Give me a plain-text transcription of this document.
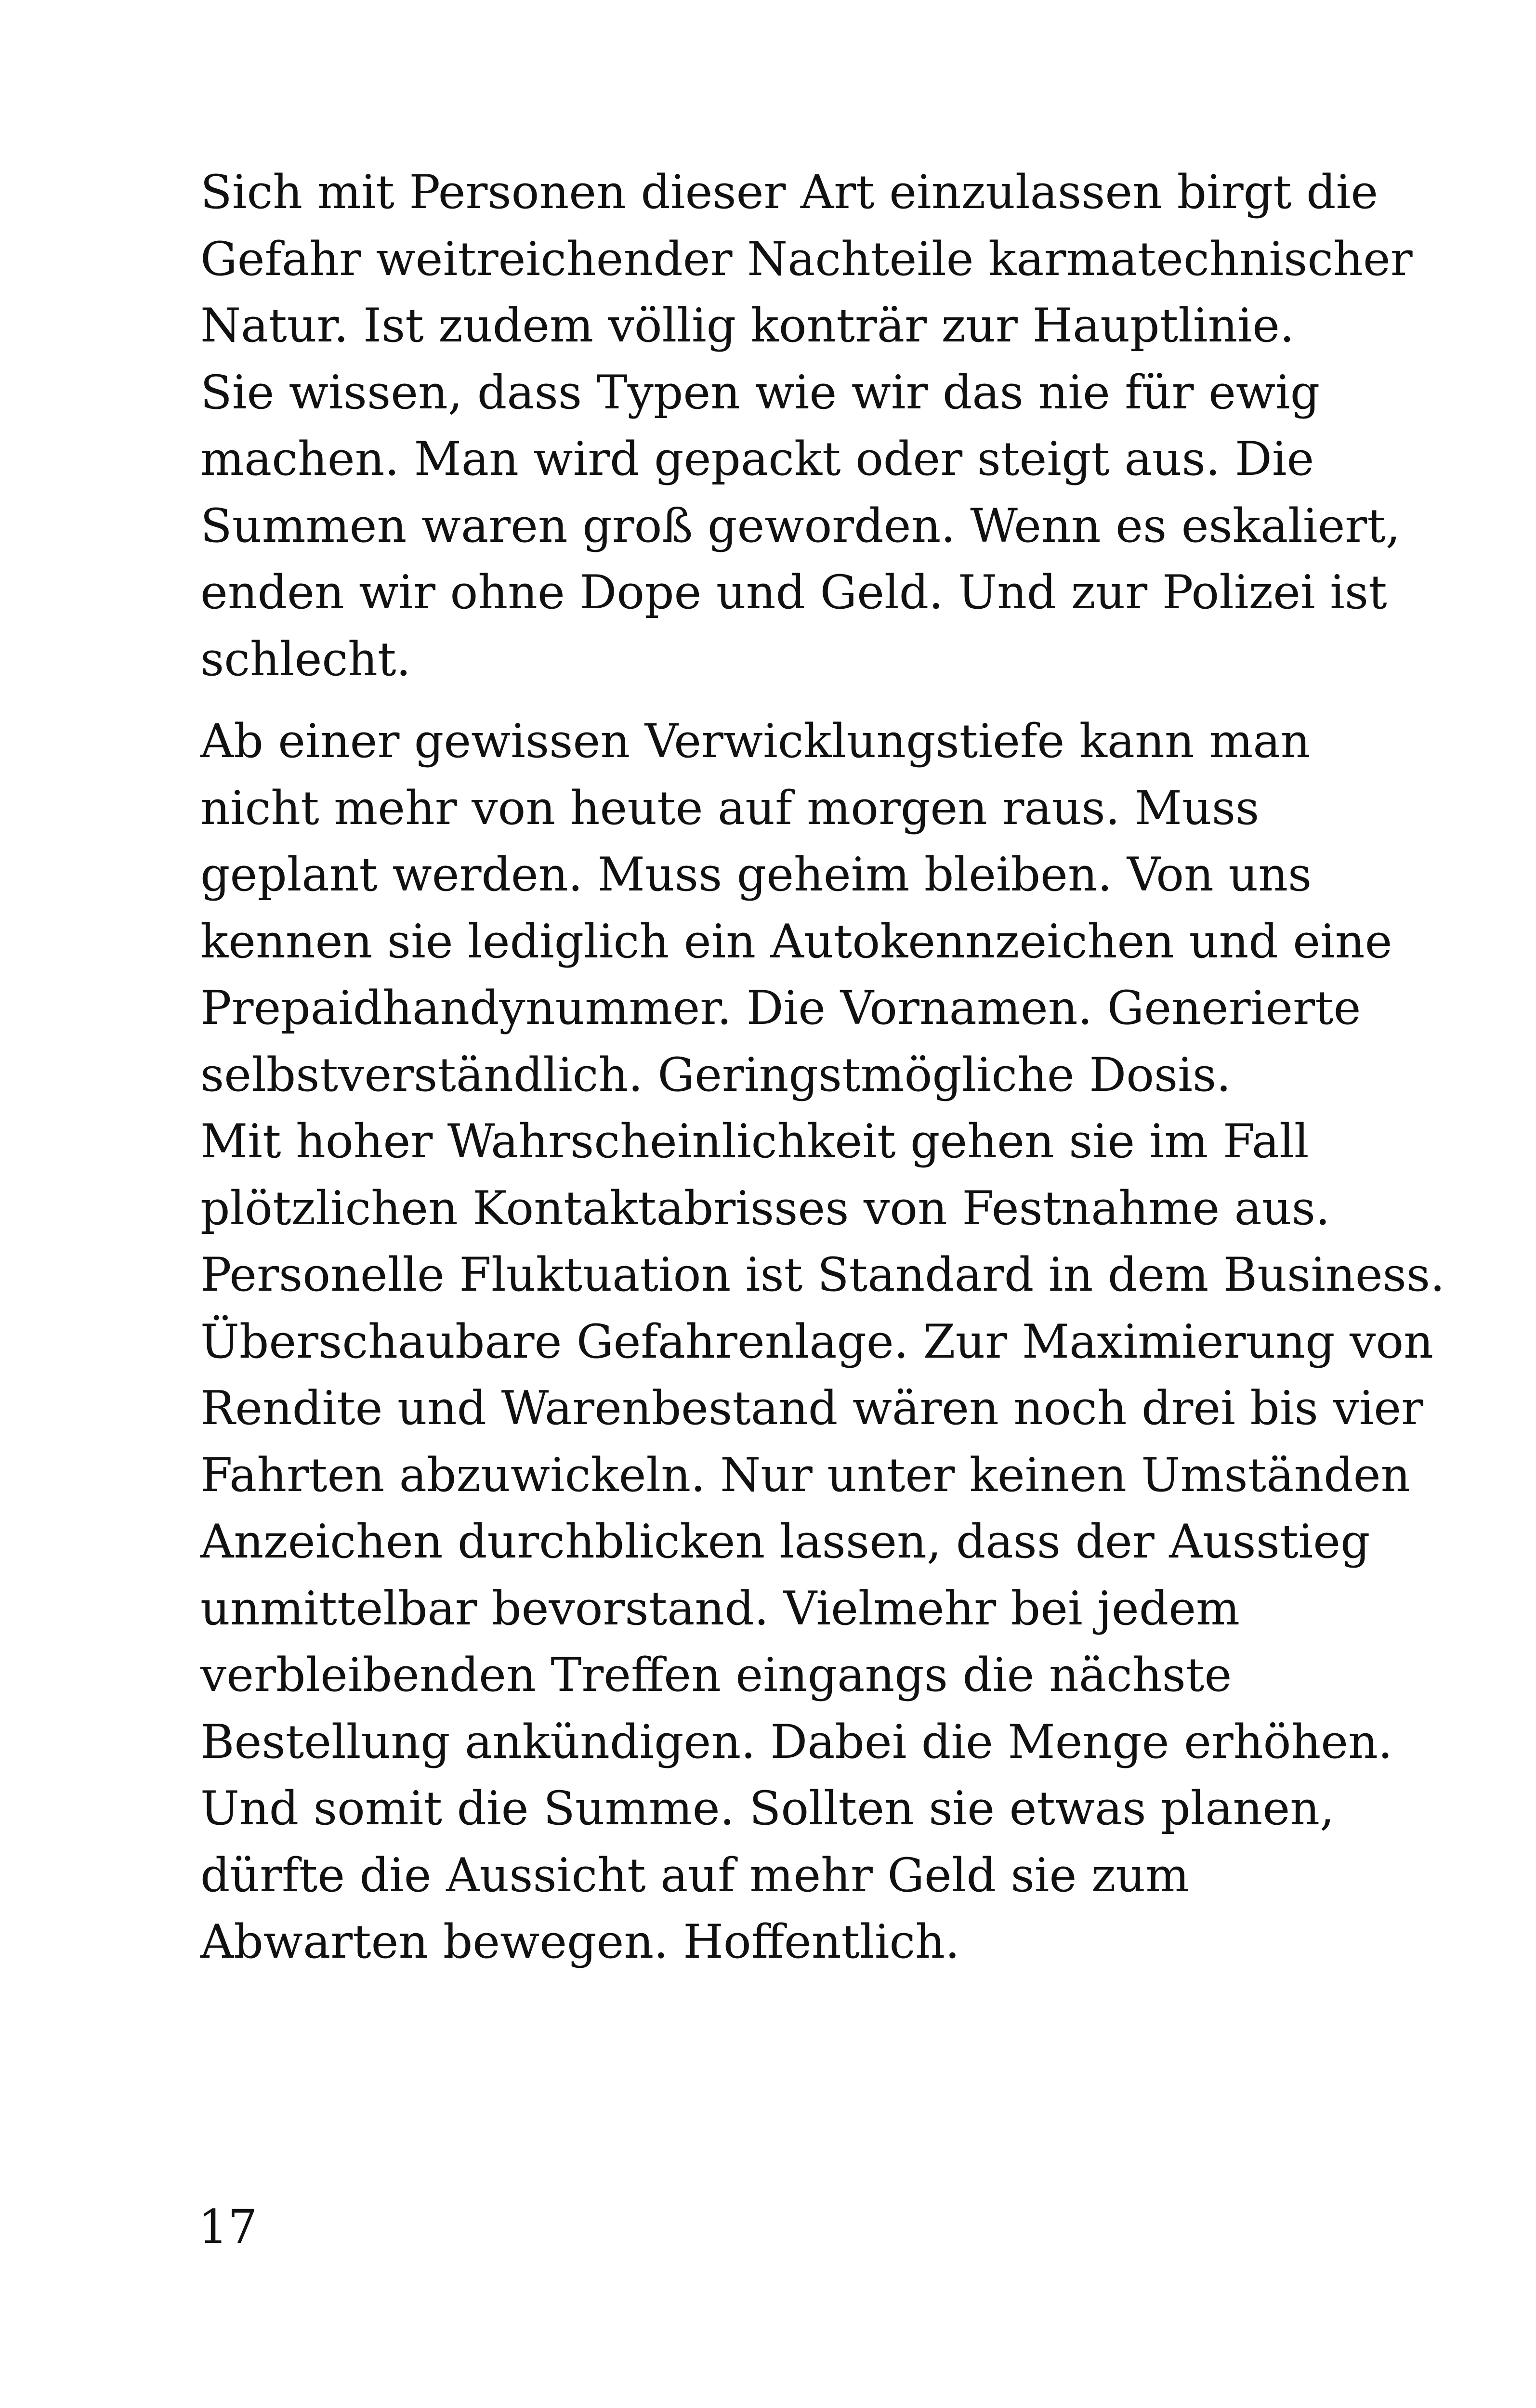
Sich mit Personen dieser Art einzulassen birgt die
Gefahr weitreichender Nachteile karmatechnischer
Natur. Ist zudem völlig konträr zur Hauptlinie.
Sie wissen, dass Typen wie wir das nie für ewig
machen. Man wird gepackt oder steigt aus. Die
Summen waren groß geworden. Wenn es eskaliert,
enden wir ohne Dope und Geld. Und zur Polizei ist
schlecht.

Ab einer gewissen Verwicklungstiefe kann man
nicht mehr von heute auf morgen raus. Muss
geplant werden. Muss geheim bleiben. Von uns
kennen sie lediglich ein Autokennzeichen und eine
Prepaidhandynummer. Die Vornamen. Generierte
selbstverständlich. Geringstmögliche Dosis.
Mit hoher Wahrscheinlichkeit gehen sie im Fall
plötzlichen Kontaktabrisses von Festnahme aus.
Personelle Fluktuation ist Standard in dem Business.
Überschaubare Gefahrenlage. Zur Maximierung von
Rendite und Warenbestand wären noch drei bis vier
Fahrten abzuwickeln. Nur unter keinen Umständen
Anzeichen durchblicken lassen, dass der Ausstieg
unmittelbar bevorstand. Vielmehr bei jedem
verbleibenden Treffen eingangs die nächste
Bestellung ankündigen. Dabei die Menge erhöhen.
Und somit die Summe. Sollten sie etwas planen,
dürfte die Aussicht auf mehr Geld sie zum
Abwarten bewegen. Hoffentlich.

17
